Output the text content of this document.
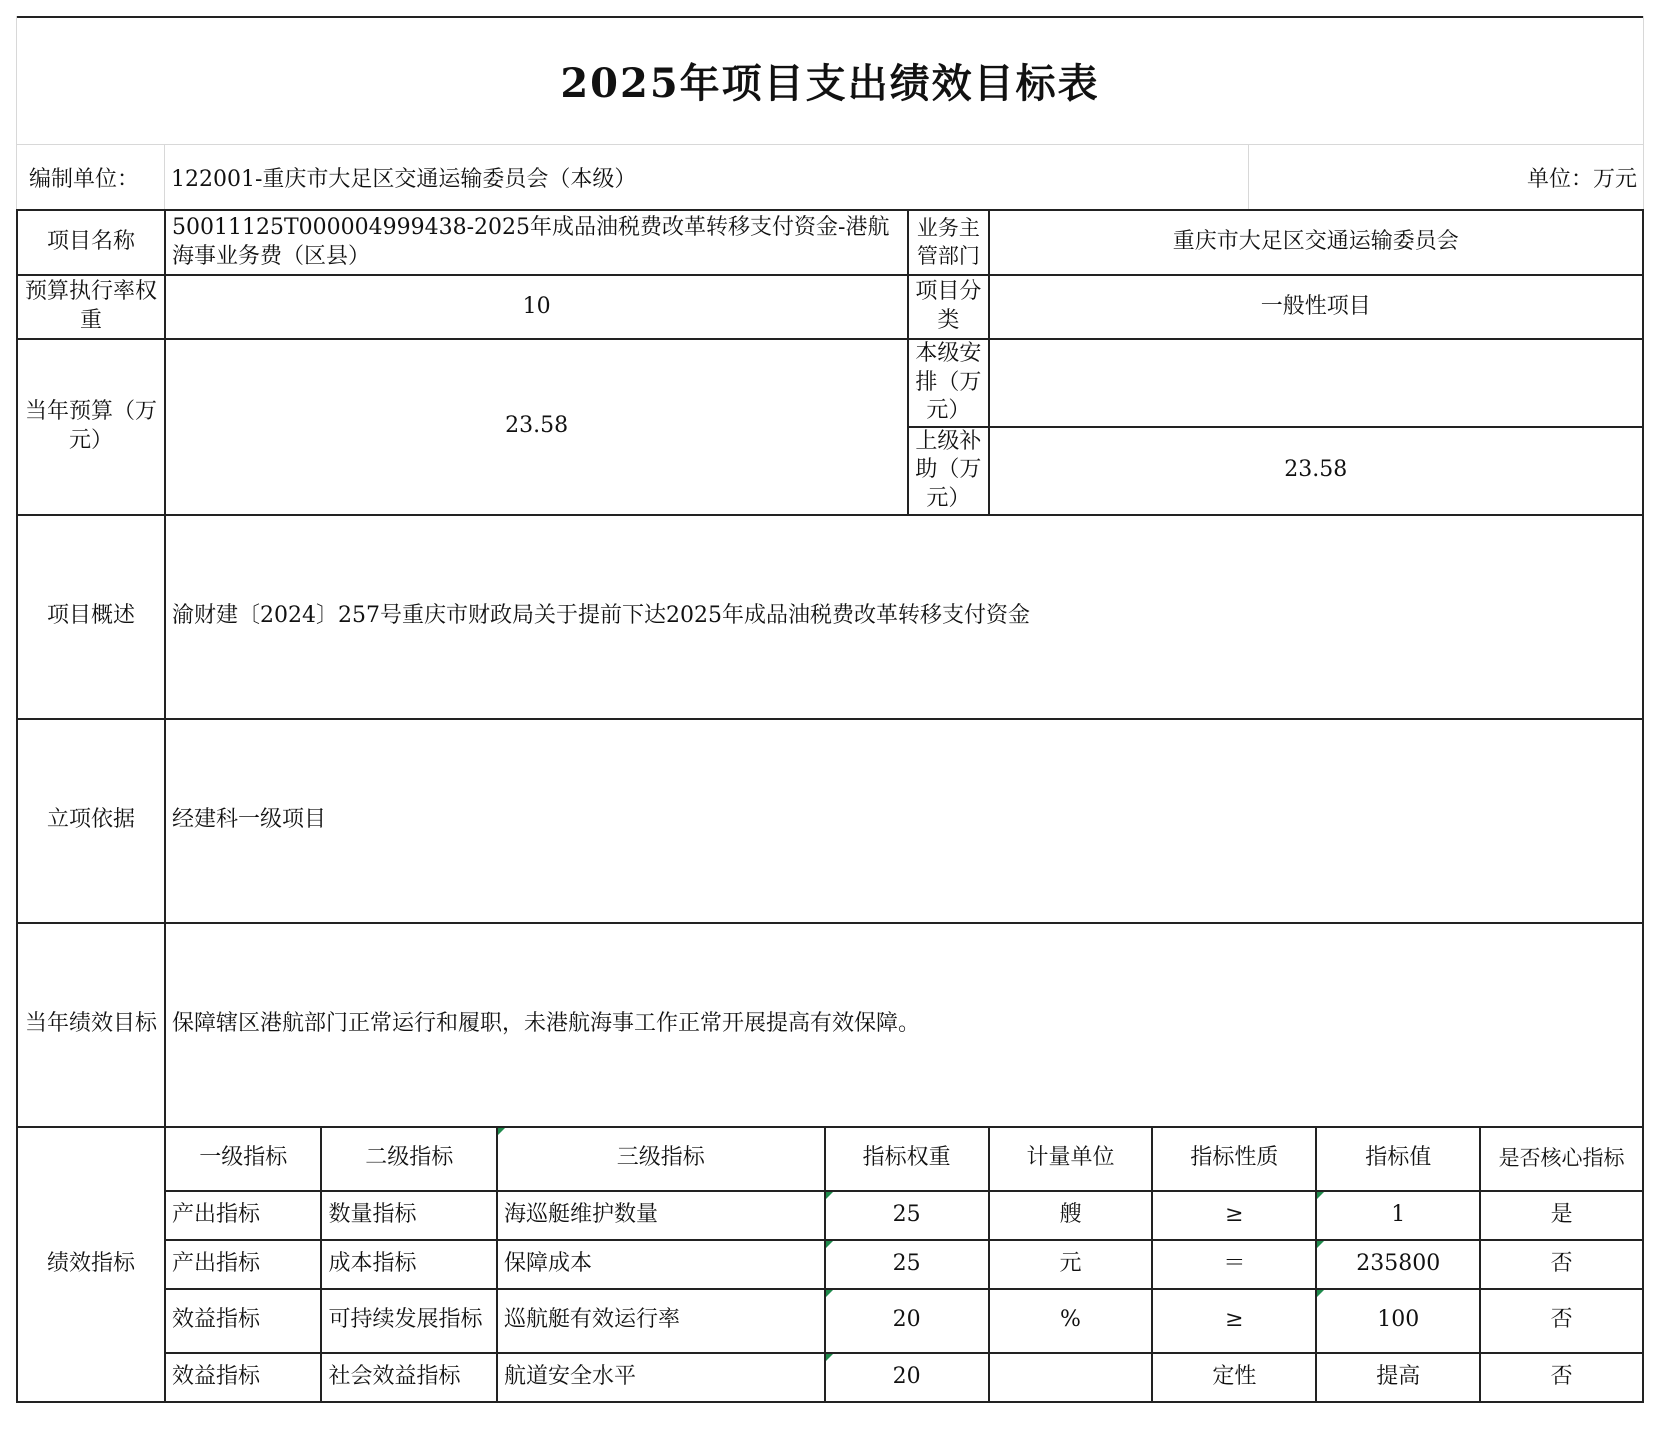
2025年项目支出绩效目标表
编制单位：	122001-重庆市大足区交通运输委员会（本级）	单位：万元
项目名称	50011125T000004999438-2025年成品油税费改革转移支付资金-港航海事业务费（区县）				业务主管部门	重庆市大足区交通运输委员会			
预算执行率权重	10				项目分类	一般性项目			
当年预算（万元）	23.58				本级安排（万元）				
					上级补助（万元）	23.58			
项目概述	渝财建〔2024〕257号重庆市财政局关于提前下达2025年成品油税费改革转移支付资金								
立项依据	经建科一级项目								
当年绩效目标	保障辖区港航部门正常运行和履职，未港航海事工作正常开展提高有效保障。								
绩效指标	一级指标	二级指标	三级指标	指标权重		计量单位	指标性质	指标值	是否核心指标
	产出指标	数量指标	海巡艇维护数量	25		艘	≥	1	是
	产出指标	成本指标	保障成本	25		元	＝	235800	否
	效益指标	可持续发展指标	巡航艇有效运行率	20		%	≥	100	否
	效益指标	社会效益指标	航道安全水平	20			定性	提高	否
